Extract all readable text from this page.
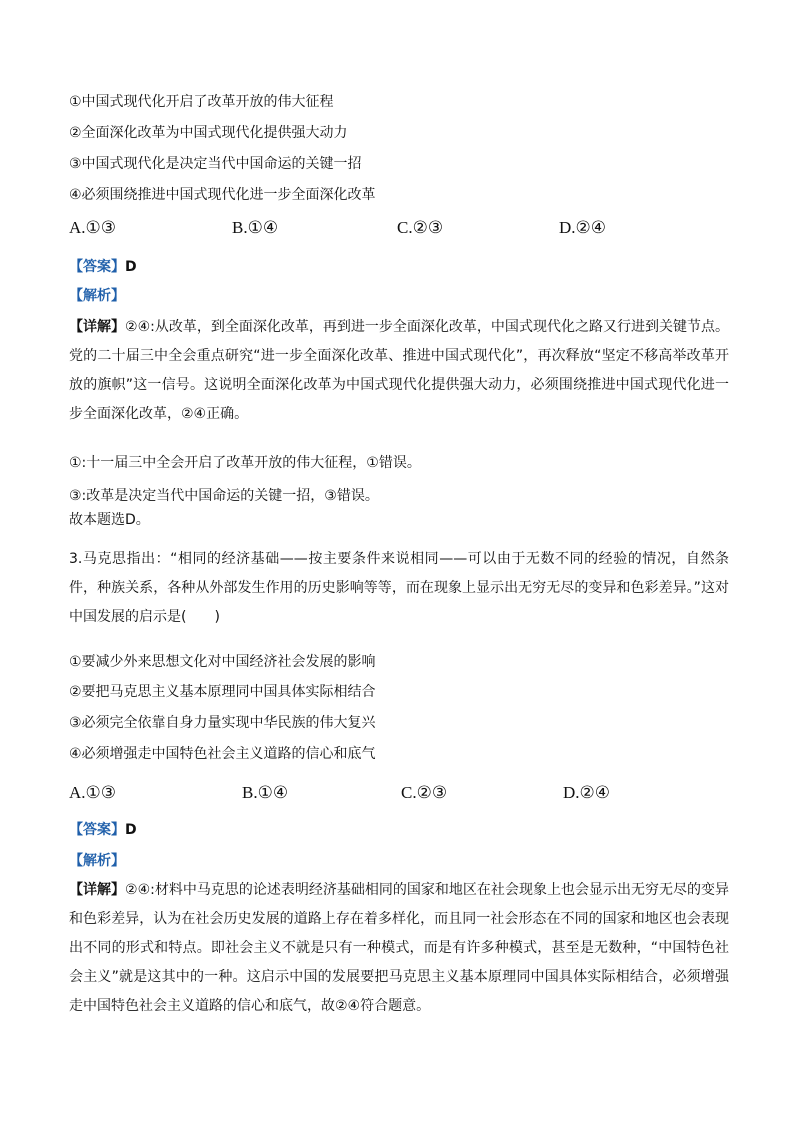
①中国式现代化开启了改革开放的伟大征程
②全面深化改革为中国式现代化提供强大动力
③中国式现代化是决定当代中国命运的关键一招
④必须围绕推进中国式现代化进一步全面深化改革
A.①③	B.①④	C.②③	D.②④
【答案】D
【解析】
【详解】②④:从改革，到全面深化改革，再到进一步全面深化改革，中国式现代化之路又行进到关键节点。党的二十届三中全会重点研究“进一步全面深化改革、推进中国式现代化”，再次释放“坚定不移高举改革开放的旗帜”这一信号。这说明全面深化改革为中国式现代化提供强大动力，必须围绕推进中国式现代化进一步全面深化改革，②④正确。
①:十一届三中全会开启了改革开放的伟大征程，①错误。
③:改革是决定当代中国命运的关键一招，③错误。
故本题选D。
3.马克思指出：“相同的经济基础——按主要条件来说相同——可以由于无数不同的经验的情况，自然条件，种族关系，各种从外部发生作用的历史影响等等，而在现象上显示出无穷无尽的变异和色彩差异。”这对中国发展的启示是(　　)
①要减少外来思想文化对中国经济社会发展的影响
②要把马克思主义基本原理同中国具体实际相结合
③必须完全依靠自身力量实现中华民族的伟大复兴
④必须增强走中国特色社会主义道路的信心和底气
A.①③	B.①④	C.②③	D.②④
【答案】D
【解析】
【详解】②④:材料中马克思的论述表明经济基础相同的国家和地区在社会现象上也会显示出无穷无尽的变异和色彩差异，认为在社会历史发展的道路上存在着多样化，而且同一社会形态在不同的国家和地区也会表现出不同的形式和特点。即社会主义不就是只有一种模式，而是有许多种模式，甚至是无数种，“中国特色社会主义”就是这其中的一种。这启示中国的发展要把马克思主义基本原理同中国具体实际相结合，必须增强走中国特色社会主义道路的信心和底气，故②④符合题意。
